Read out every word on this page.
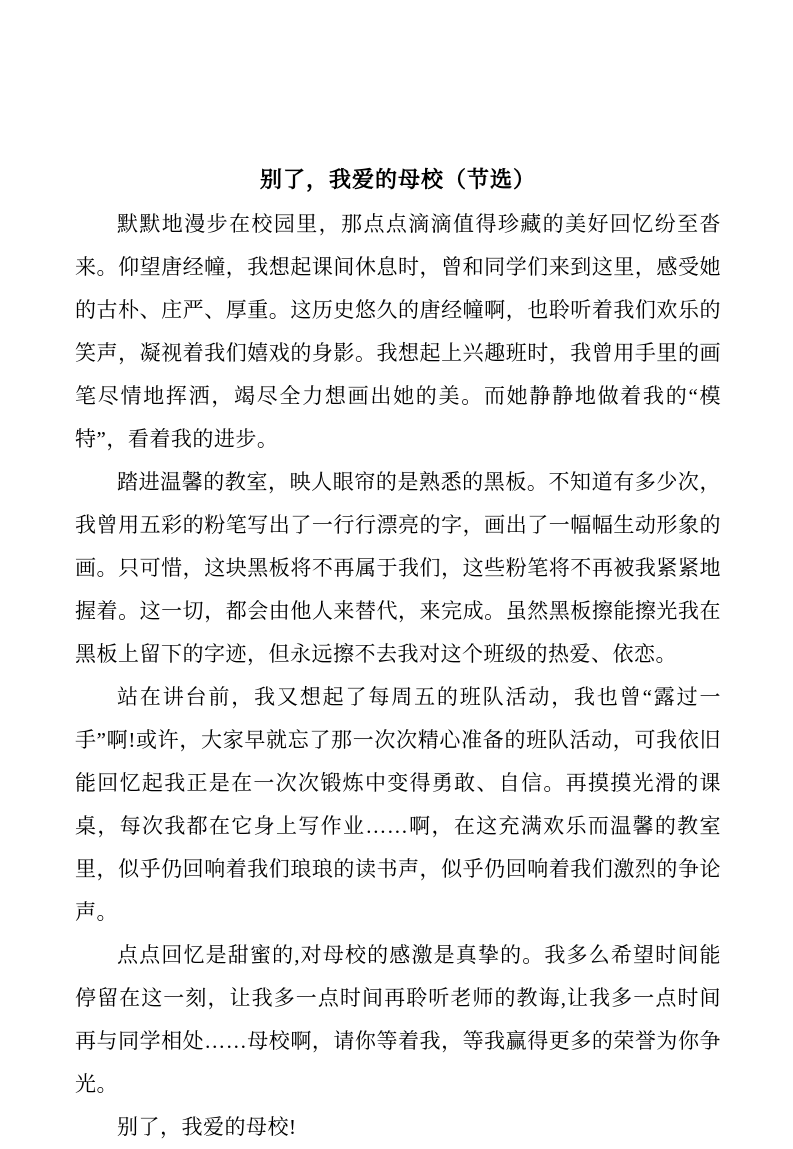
别了，我爱的母校（节选）

默默地漫步在校园里，那点点滴滴值得珍藏的美好回忆纷至沓来。仰望唐经幢，我想起课间休息时，曾和同学们来到这里，感受她的古朴、庄严、厚重。这历史悠久的唐经幢啊，也聆听着我们欢乐的笑声，凝视着我们嬉戏的身影。我想起上兴趣班时，我曾用手里的画笔尽情地挥洒，竭尽全力想画出她的美。而她静静地做着我的“模特”，看着我的进步。

踏进温馨的教室，映人眼帘的是熟悉的黑板。不知道有多少次，我曾用五彩的粉笔写出了一行行漂亮的字，画出了一幅幅生动形象的画。只可惜，这块黑板将不再属于我们，这些粉笔将不再被我紧紧地握着。这一切，都会由他人来替代，来完成。虽然黑板擦能擦光我在黑板上留下的字迹，但永远擦不去我对这个班级的热爱、依恋。

站在讲台前，我又想起了每周五的班队活动，我也曾“露过一手”啊!或许，大家早就忘了那一次次精心准备的班队活动，可我依旧能回忆起我正是在一次次锻炼中变得勇敢、自信。再摸摸光滑的课桌，每次我都在它身上写作业……啊，在这充满欢乐而温馨的教室里，似乎仍回响着我们琅琅的读书声，似乎仍回响着我们激烈的争论声。

点点回忆是甜蜜的,对母校的感激是真挚的。我多么希望时间能停留在这一刻，让我多一点时间再聆听老师的教诲,让我多一点时间再与同学相处……母校啊，请你等着我，等我赢得更多的荣誉为你争光。

别了，我爱的母校!
